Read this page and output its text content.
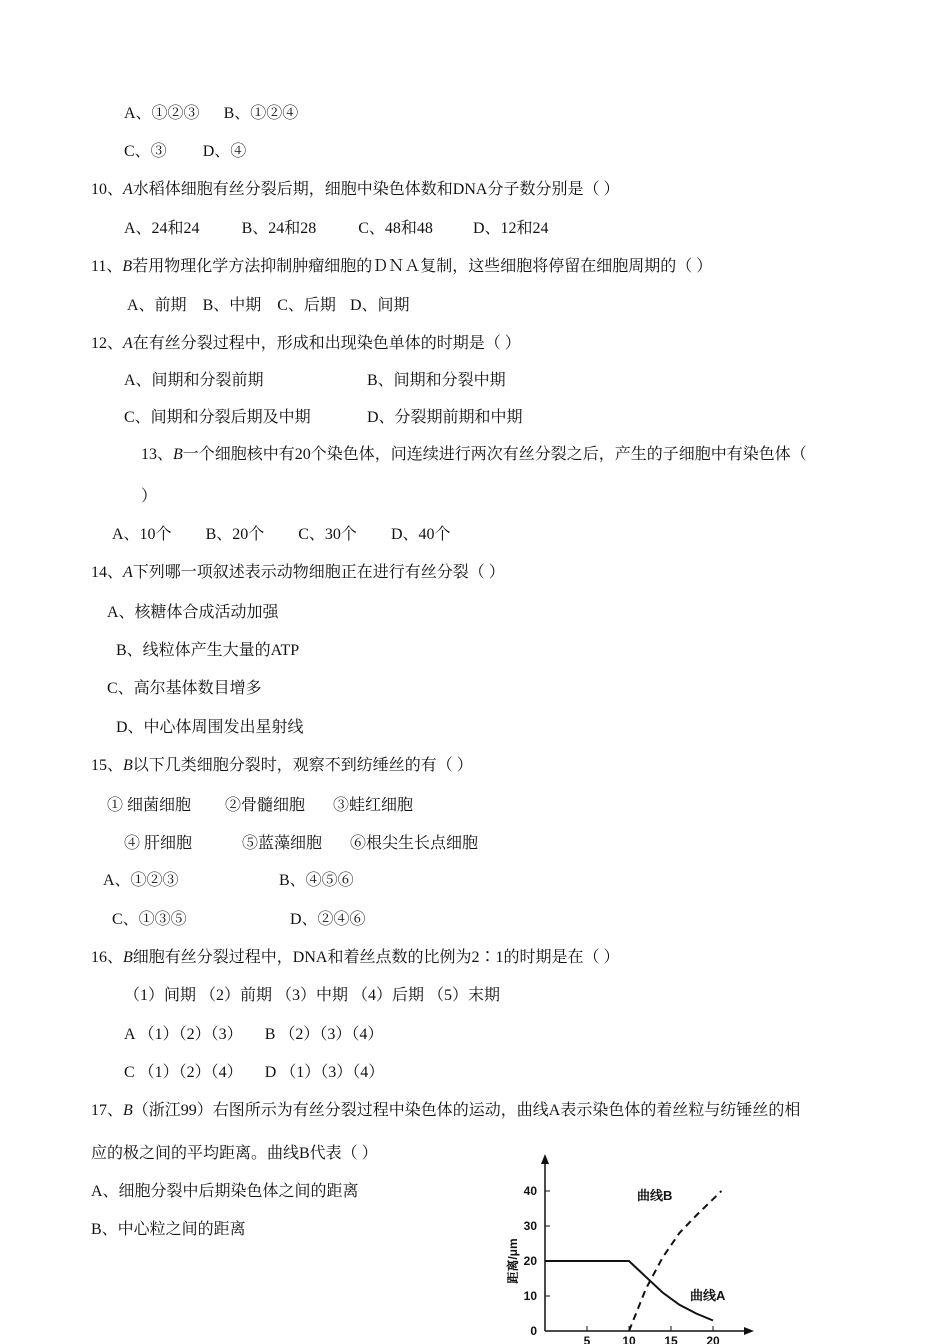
A、①②③ B、①②④
C、③ D、④
10、A水稻体细胞有丝分裂后期，细胞中染色体数和DNA分子数分别是（ ）
A、24和24	B、24和28	C、48和48	D、12和24
11、B若用物理化学方法抑制肿瘤细胞的ＤＮＡ复制，这些细胞将停留在细胞周期的（ ）
A、前期 B、中期 C、后期 D、间期
12、A在有丝分裂过程中，形成和出现染色单体的时期是（ ）
A、间期和分裂前期	B、间期和分裂中期
C、间期和分裂后期及中期	D、分裂期前期和中期
13、B一个细胞核中有20个染色体，问连续进行两次有丝分裂之后，产生的子细胞中有染色体（
）
A、10个 B、20个 C、30个 D、40个
14、A下列哪一项叙述表示动物细胞正在进行有丝分裂（ ）
A、核糖体合成活动加强
B、线粒体产生大量的ATP
C、高尔基体数目增多
D、中心体周围发出星射线
15、B以下几类细胞分裂时，观察不到纺缍丝的有（ ）
① 细菌细胞 ②骨髓细胞 ③蛙红细胞
④ 肝细胞	⑤蓝藻细胞 ⑥根尖生长点细胞
A、①②③	B、④⑤⑥
C、①③⑤	D、②④⑥
16、B细胞有丝分裂过程中，DNA和着丝点数的比例为2∶1的时期是在（ ）
（1）间期 （2）前期 （3）中期 （4）后期 （5）末期
A （1）（2）（3） B （2）（3）（4）
C （1）（2）（4） D （1）（3）（4）
17、B（浙江99）右图所示为有丝分裂过程中染色体的运动，曲线A表示染色体的着丝粒与纺锤丝的相
应的极之间的平均距离。曲线B代表（ ）
A、细胞分裂中后期染色体之间的距离
B、中心粒之间的距离
0
10
20
30
40
5	10 15 20
距离/μm
曲线B
曲线A
